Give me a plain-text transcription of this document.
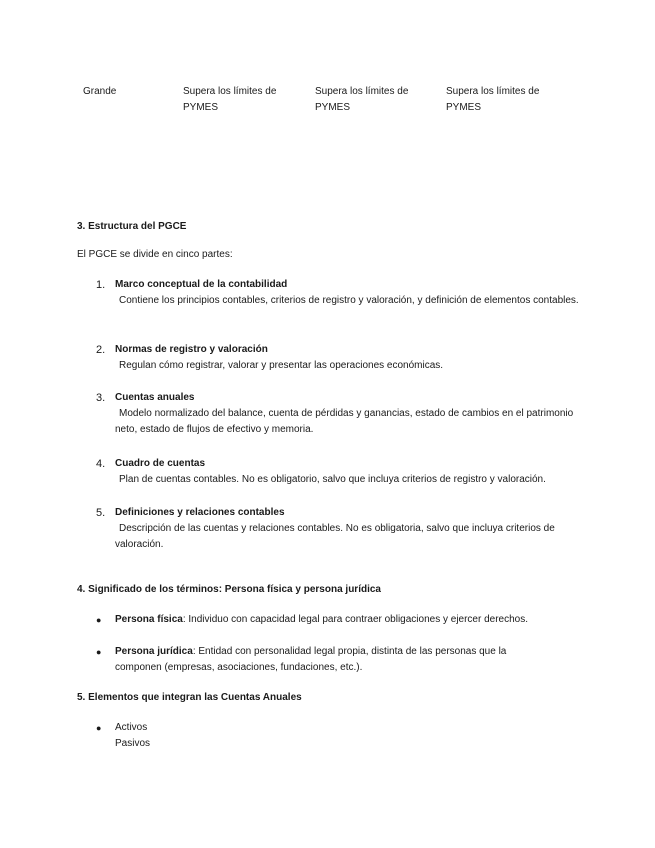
Grande	Supera los límites de PYMES
Supera los límites de PYMES
Supera los límites de PYMES
3. Estructura del PGCE
El PGCE se divide en cinco partes:
1. Marco conceptual de la contabilidad
Contiene los principios contables, criterios de registro y valoración, y definición de elementos contables.
2. Normas de registro y valoración
Regulan cómo registrar, valorar y presentar las operaciones económicas.
3. Cuentas anuales
Modelo normalizado del balance, cuenta de pérdidas y ganancias, estado de cambios en el patrimonio neto, estado de flujos de efectivo y memoria.
4. Cuadro de cuentas
Plan de cuentas contables. No es obligatorio, salvo que incluya criterios de registro y valoración.
5. Definiciones y relaciones contables
Descripción de las cuentas y relaciones contables. No es obligatoria, salvo que incluya criterios de valoración.
4. Significado de los términos: Persona física y persona jurídica
● Persona física: Individuo con capacidad legal para contraer obligaciones y ejercer derechos.
● Persona jurídica: Entidad con personalidad legal propia, distinta de las personas que la componen (empresas, asociaciones, fundaciones, etc.).
5. Elementos que integran las Cuentas Anuales
● Activos
Pasivos
